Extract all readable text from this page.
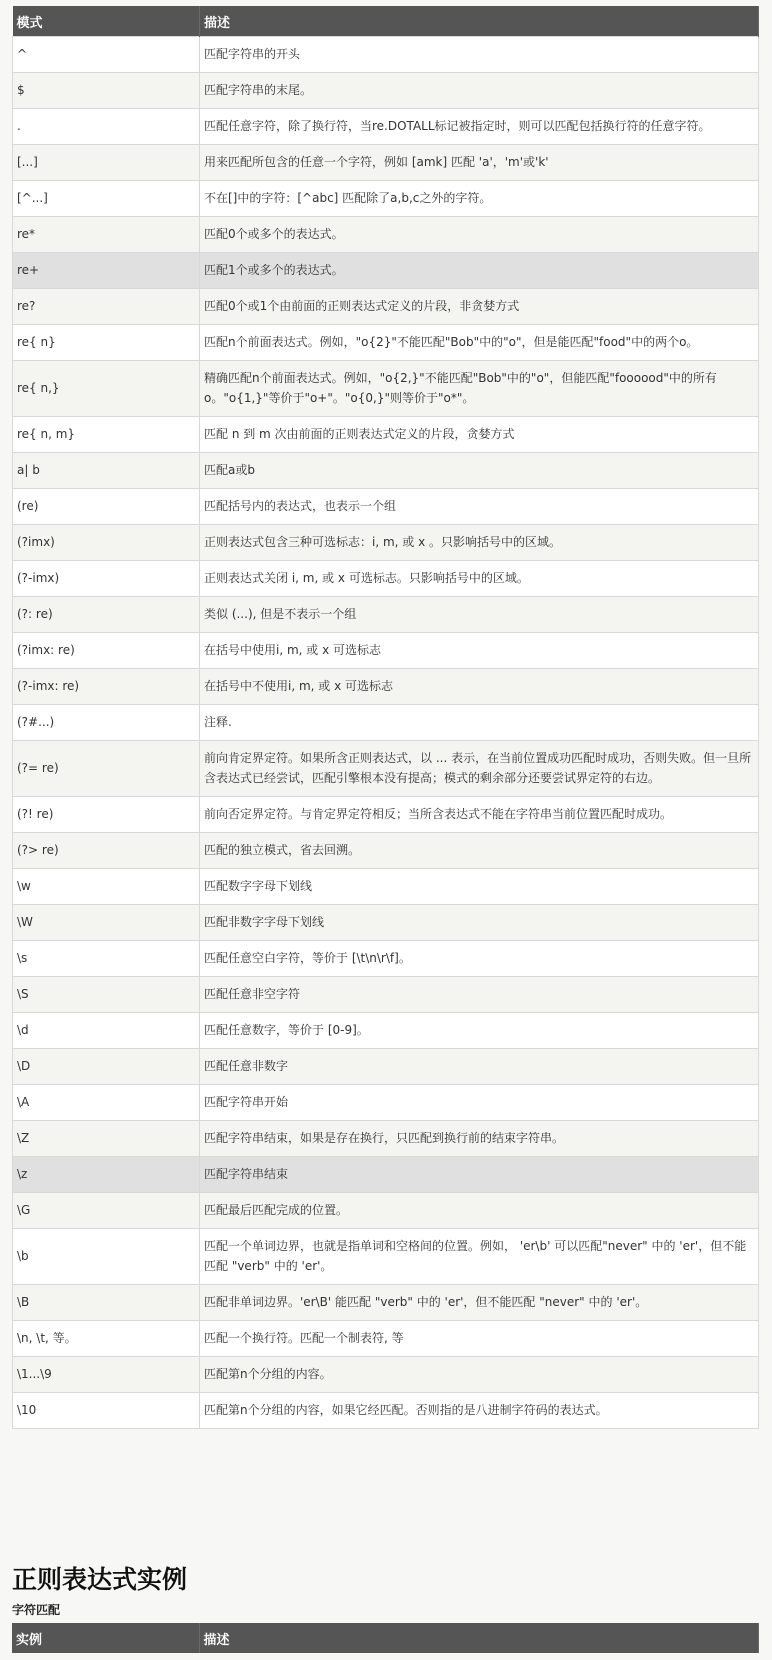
模式	描述
^	匹配字符串的开头
$	匹配字符串的末尾。
.	匹配任意字符，除了换行符，当re.DOTALL标记被指定时，则可以匹配包括换行符的任意字符。
[...]	用来匹配所包含的任意一个字符，例如 [amk] 匹配 'a'，'m'或'k'
[^...]	不在[]中的字符：[^abc] 匹配除了a,b,c之外的字符。
re*	匹配0个或多个的表达式。
re+	匹配1个或多个的表达式。
re?	匹配0个或1个由前面的正则表达式定义的片段，非贪婪方式
re{ n}	匹配n个前面表达式。例如，"o{2}"不能匹配"Bob"中的"o"，但是能匹配"food"中的两个o。
re{ n,}	精确匹配n个前面表达式。例如，"o{2,}"不能匹配"Bob"中的"o"，但能匹配"foooood"中的所有o。"o{1,}"等价于"o+"。"o{0,}"则等价于"o*"。
re{ n, m}	匹配 n 到 m 次由前面的正则表达式定义的片段，贪婪方式
a| b	匹配a或b
(re)	匹配括号内的表达式，也表示一个组
(?imx)	正则表达式包含三种可选标志：i, m, 或 x 。只影响括号中的区域。
(?-imx)	正则表达式关闭 i, m, 或 x 可选标志。只影响括号中的区域。
(?: re)	类似 (...), 但是不表示一个组
(?imx: re)	在括号中使用i, m, 或 x 可选标志
(?-imx: re)	在括号中不使用i, m, 或 x 可选标志
(?#...)	注释.
(?= re)	前向肯定界定符。如果所含正则表达式，以 ... 表示，在当前位置成功匹配时成功，否则失败。但一旦所含表达式已经尝试，匹配引擎根本没有提高；模式的剩余部分还要尝试界定符的右边。
(?! re)	前向否定界定符。与肯定界定符相反；当所含表达式不能在字符串当前位置匹配时成功。
(?> re)	匹配的独立模式，省去回溯。
\w	匹配数字字母下划线
\W	匹配非数字字母下划线
\s	匹配任意空白字符，等价于 [\t\n\r\f]。
\S	匹配任意非空字符
\d	匹配任意数字，等价于 [0-9]。
\D	匹配任意非数字
\A	匹配字符串开始
\Z	匹配字符串结束，如果是存在换行，只匹配到换行前的结束字符串。
\z	匹配字符串结束
\G	匹配最后匹配完成的位置。
\b	匹配一个单词边界，也就是指单词和空格间的位置。例如， 'er\b' 可以匹配"never" 中的 'er'，但不能匹配 "verb" 中的 'er'。
\B	匹配非单词边界。'er\B' 能匹配 "verb" 中的 'er'，但不能匹配 "never" 中的 'er'。
\n, \t, 等。	匹配一个换行符。匹配一个制表符, 等
\1...\9	匹配第n个分组的内容。
\10	匹配第n个分组的内容，如果它经匹配。否则指的是八进制字符码的表达式。
正则表达式实例
字符匹配
实例	描述
